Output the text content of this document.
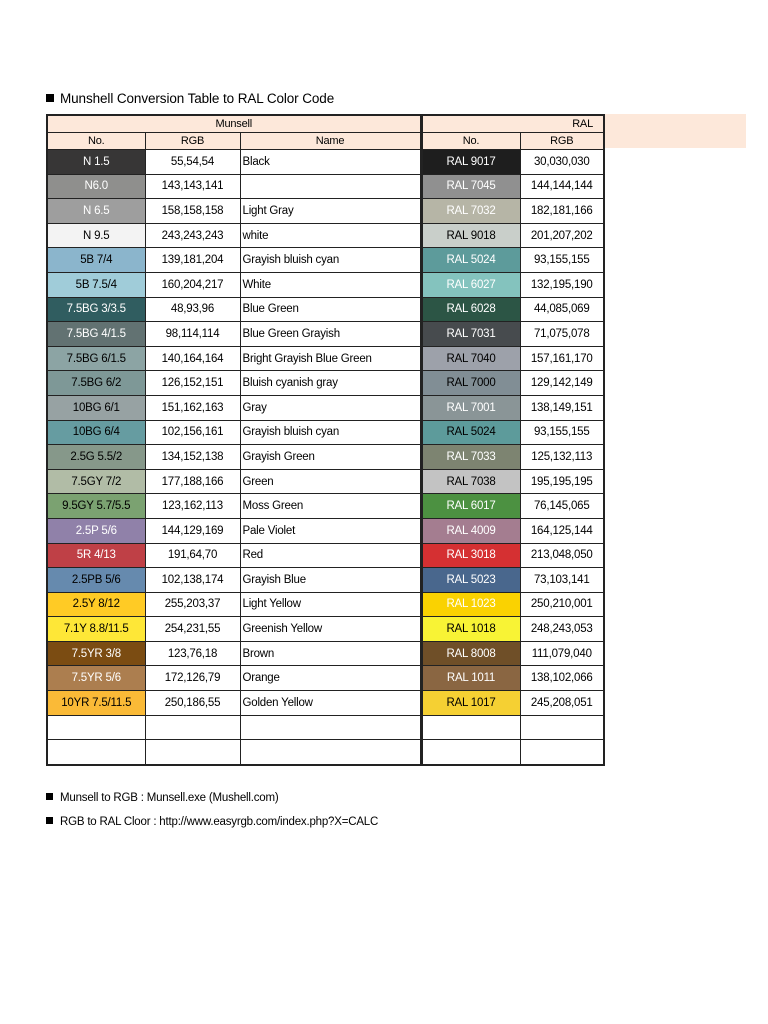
Munshell Conversion Table to RAL Color Code
Munsell			RAL	
No.	RGB	Name	No.	RGB
N 1.5	55,54,54	Black	RAL 9017	30,030,030
N6.0	143,143,141		RAL 7045	144,144,144
N 6.5	158,158,158	Light Gray	RAL 7032	182,181,166
N 9.5	243,243,243	white	RAL 9018	201,207,202
5B 7/4	139,181,204	Grayish bluish cyan	RAL 5024	93,155,155
5B 7.5/4	160,204,217	White	RAL 6027	132,195,190
7.5BG 3/3.5	48,93,96	Blue Green	RAL 6028	44,085,069
7.5BG 4/1.5	98,114,114	Blue Green Grayish	RAL 7031	71,075,078
7.5BG 6/1.5	140,164,164	Bright Grayish Blue Green	RAL 7040	157,161,170
7.5BG 6/2	126,152,151	Bluish cyanish gray	RAL 7000	129,142,149
10BG 6/1	151,162,163	Gray	RAL 7001	138,149,151
10BG 6/4	102,156,161	Grayish bluish cyan	RAL 5024	93,155,155
2.5G 5.5/2	134,152,138	Grayish Green	RAL 7033	125,132,113
7.5GY 7/2	177,188,166	Green	RAL 7038	195,195,195
9.5GY 5.7/5.5	123,162,113	Moss Green	RAL 6017	76,145,065
2.5P 5/6	144,129,169	Pale Violet	RAL 4009	164,125,144
5R 4/13	191,64,70	Red	RAL 3018	213,048,050
2.5PB 5/6	102,138,174	Grayish Blue	RAL 5023	73,103,141
2.5Y 8/12	255,203,37	Light Yellow	RAL 1023	250,210,001
7.1Y 8.8/11.5	254,231,55	Greenish Yellow	RAL 1018	248,243,053
7.5YR 3/8	123,76,18	Brown	RAL 8008	111,079,040
7.5YR 5/6	172,126,79	Orange	RAL 1011	138,102,066
10YR 7.5/11.5	250,186,55	Golden Yellow	RAL 1017	245,208,051

Munsell to RGB : Munsell.exe (Mushell.com)
RGB to RAL Cloor : http://www.easyrgb.com/index.php?X=CALC
